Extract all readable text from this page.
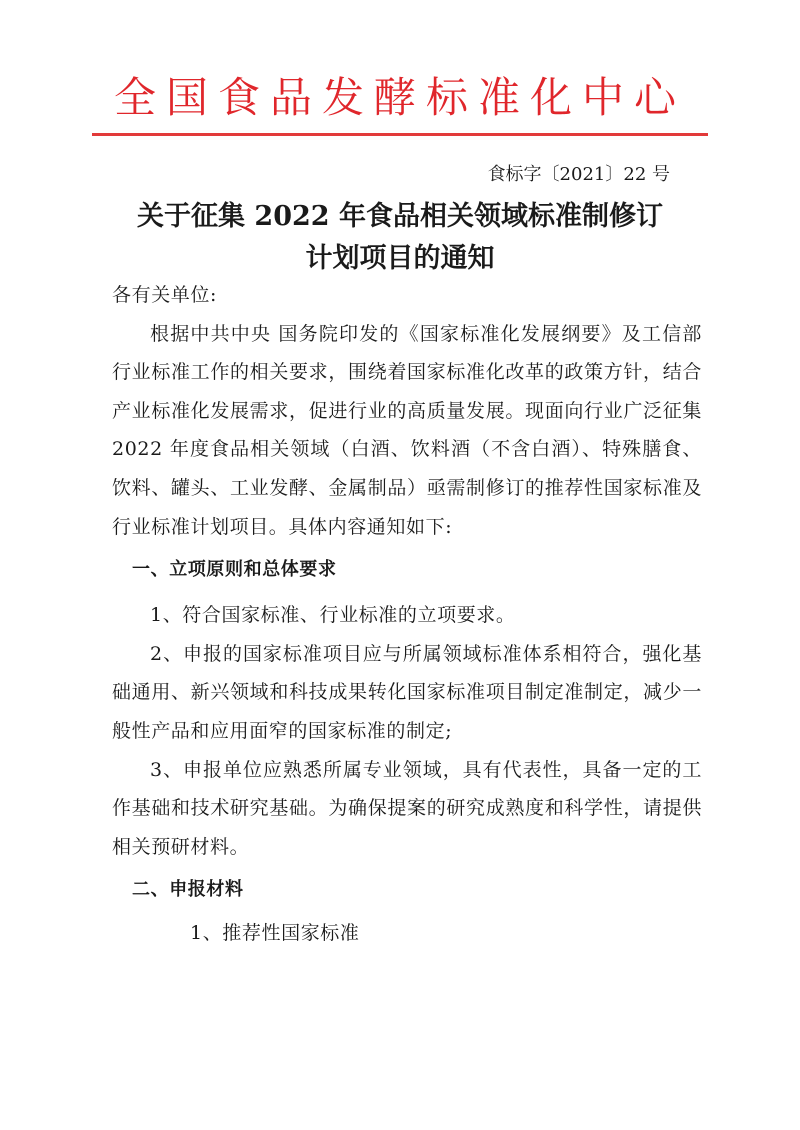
全国食品发酵标准化中心
食标字〔2021〕22 号
关于征集 2022 年食品相关领域标准制修订
计划项目的通知

各有关单位:

根据中共中央 国务院印发的《国家标准化发展纲要》及工信部行业标准工作的相关要求，围绕着国家标准化改革的政策方针，结合产业标准化发展需求，促进行业的高质量发展。现面向行业广泛征集 2022 年度食品相关领域（白酒、饮料酒（不含白酒）、特殊膳食、饮料、罐头、工业发酵、金属制品）亟需制修订的推荐性国家标准及行业标准计划项目。具体内容通知如下:

一、立项原则和总体要求

1、符合国家标准、行业标准的立项要求。

2、申报的国家标准项目应与所属领域标准体系相符合，强化基础通用、新兴领域和科技成果转化国家标准项目制定准制定，减少一般性产品和应用面窄的国家标准的制定;

3、申报单位应熟悉所属专业领域，具有代表性，具备一定的工作基础和技术研究基础。为确保提案的研究成熟度和科学性，请提供相关预研材料。

二、申报材料

1、推荐性国家标准
